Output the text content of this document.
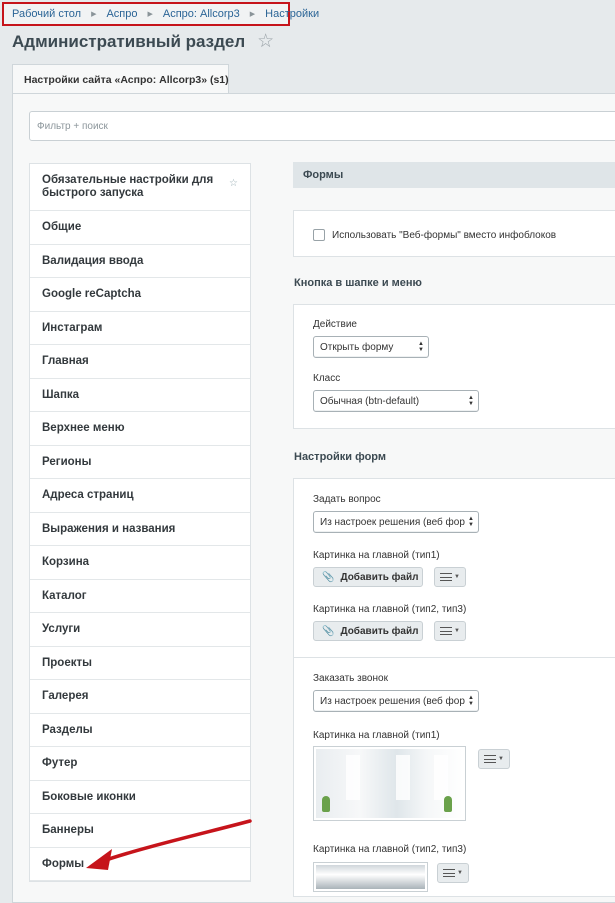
Рабочий стол ▶ Аспро ▶ Аспро: Allcorp3 ▶ Настройки
Административный раздел ☆
Настройки сайта «Аспро: Allcorp3» (s1)
Фильтр + поиск
Обязательные настройки для быстрого запуска
☆
Общие
Валидация ввода
Google reCaptcha
Инстаграм
Главная
Шапка
Верхнее меню
Регионы
Адреса страниц
Выражения и названия
Корзина
Каталог
Услуги
Проекты
Галерея
Разделы
Футер
Боковые иконки
Баннеры
Формы
Формы
Использовать "Веб-формы" вместо инфоблоков
Кнопка в шапке и меню
Действие
Открыть форму	▲
▼
Класс
Обычная (btn-default)	▲
▼
Настройки форм
Задать вопрос
Из настроек решения (веб фор ▲
▼
Картинка на главной (тип1)
📎 Добавить файл	▼
Картинка на главной (тип2, тип3)
📎 Добавить файл	▼
Заказать звонок
Из настроек решения (веб фор ▲
▼
Картинка на главной (тип1)
▼
Картинка на главной (тип2, тип3)
▼
